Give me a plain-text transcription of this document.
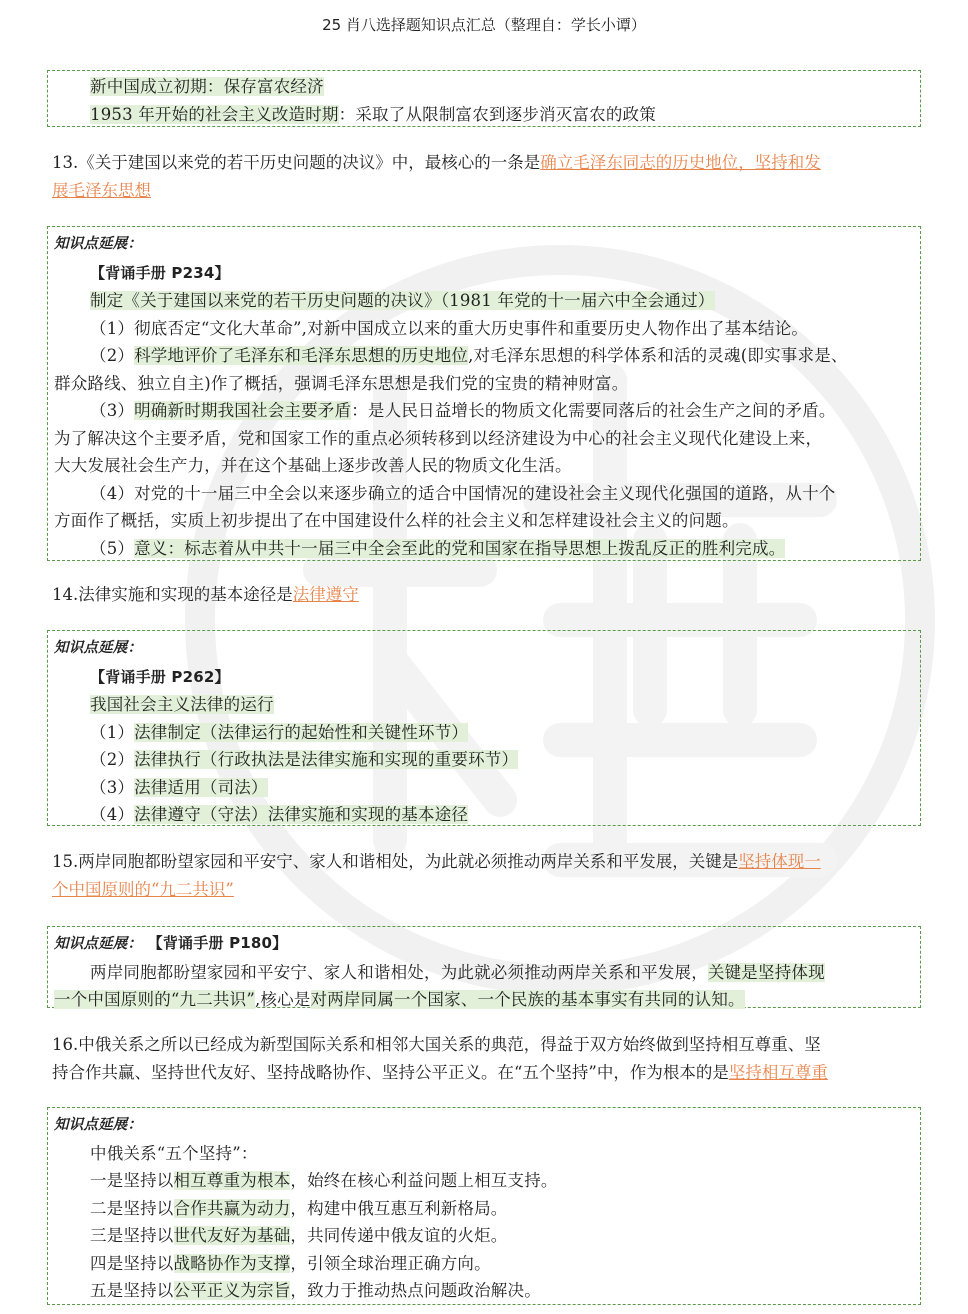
25 肖八选择题知识点汇总（整理自：学长小谭）
新中国成立初期：保存富农经济
1953 年开始的社会主义改造时期：采取了从限制富农到逐步消灭富农的政策
13.《关于建国以来党的若干历史问题的决议》中，最核心的一条是确立毛泽东同志的历史地位，坚持和发
展毛泽东思想
知识点延展：
【背诵手册 P234】
制定《关于建国以来党的若干历史问题的决议》（1981 年党的十一届六中全会通过）
（1）彻底否定“文化大革命”,对新中国成立以来的重大历史事件和重要历史人物作出了基本结论。
（2）科学地评价了毛泽东和毛泽东思想的历史地位,对毛泽东思想的科学体系和活的灵魂(即实事求是、
群众路线、独立自主)作了概括，强调毛泽东思想是我们党的宝贵的精神财富。
（3）明确新时期我国社会主要矛盾：是人民日益增长的物质文化需要同落后的社会生产之间的矛盾。
为了解决这个主要矛盾，党和国家工作的重点必须转移到以经济建设为中心的社会主义现代化建设上来，
大大发展社会生产力，并在这个基础上逐步改善人民的物质文化生活。
（4）对党的十一届三中全会以来逐步确立的适合中国情况的建设社会主义现代化强国的道路，从十个
方面作了概括，实质上初步提出了在中国建设什么样的社会主义和怎样建设社会主义的问题。
（5）意义：标志着从中共十一届三中全会至此的党和国家在指导思想上拨乱反正的胜利完成。
14.法律实施和实现的基本途径是法律遵守
知识点延展：
【背诵手册 P262】
我国社会主义法律的运行
（1）法律制定（法律运行的起始性和关键性环节）
（2）法律执行（行政执法是法律实施和实现的重要环节）
（3）法律适用（司法）
（4）法律遵守（守法）法律实施和实现的基本途径
15.两岸同胞都盼望家园和平安宁、家人和谐相处，为此就必须推动两岸关系和平发展，关键是坚持体现一
个中国原则的“九二共识”
知识点延展： 【背诵手册 P180】
两岸同胞都盼望家园和平安宁、家人和谐相处，为此就必须推动两岸关系和平发展，关键是坚持体现
一个中国原则的“九二共识”,核心是对两岸同属一个国家、一个民族的基本事实有共同的认知。
16.中俄关系之所以已经成为新型国际关系和相邻大国关系的典范，得益于双方始终做到坚持相互尊重、坚
持合作共赢、坚持世代友好、坚持战略协作、坚持公平正义。在“五个坚持”中，作为根本的是坚持相互尊重
知识点延展：
中俄关系“五个坚持”：
一是坚持以相互尊重为根本，始终在核心利益问题上相互支持。
二是坚持以合作共赢为动力，构建中俄互惠互利新格局。
三是坚持以世代友好为基础，共同传递中俄友谊的火炬。
四是坚持以战略协作为支撑，引领全球治理正确方向。
五是坚持以公平正义为宗旨，致力于推动热点问题政治解决。
